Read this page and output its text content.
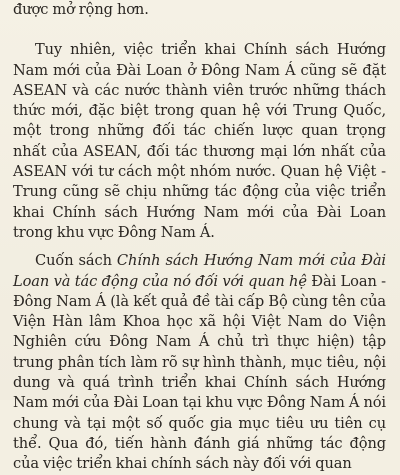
được mở rộng hơn.

Tuy nhiên, việc triển khai Chính sách Hướng Nam mới của Đài Loan ở Đông Nam Á cũng sẽ đặt ASEAN và các nước thành viên trước những thách thức mới, đặc biệt trong quan hệ với Trung Quốc, một trong những đối tác chiến lược quan trọng nhất của ASEAN, đối tác thương mại lớn nhất của ASEAN với tư cách một nhóm nước. Quan hệ Việt - Trung cũng sẽ chịu những tác động của việc triển khai Chính sách Hướng Nam mới của Đài Loan trong khu vực Đông Nam Á.

Cuốn sách Chính sách Hướng Nam mới của Đài Loan và tác động của nó đối với quan hệ Đài Loan - Đông Nam Á (là kết quả đề tài cấp Bộ cùng tên của Viện Hàn lâm Khoa học xã hội Việt Nam do Viện Nghiên cứu Đông Nam Á chủ trì thực hiện) tập trung phân tích làm rõ sự hình thành, mục tiêu, nội dung và quá trình triển khai Chính sách Hướng Nam mới của Đài Loan tại khu vực Đông Nam Á nói chung và tại một số quốc gia mục tiêu ưu tiên cụ thể. Qua đó, tiến hành đánh giá những tác động của việc triển khai chính sách này đối với quan
